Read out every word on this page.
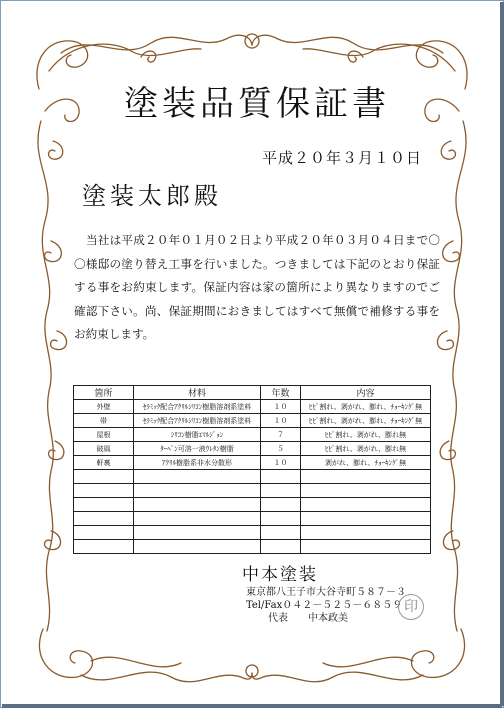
塗装品質保証書
平成２０年３月１０日
塗装太郎殿
当社は平成２０年０１月０２日より平成２０年０３月０４日まで〇〇様邸の塗り替え工事を行いました。つきましては下記のとおり保証する事をお約束します。保証内容は家の箇所により異なりますのでご確認下さい。尚、保証期間におきましてはすべて無償で補修する事をお約束します。
箇所	材料	年数	内容
外壁	ｾﾗﾐｯｸ配合ｱｸﾘﾙｼﾘｺﾝ樹脂溶剤系塗料	１０	ﾋﾋﾞ割れ、剥がれ、膨れ、ﾁｮｰｷﾝｸﾞ無
帯	ｾﾗﾐｯｸ配合ｱｸﾘﾙｼﾘｺﾝ樹脂溶剤系塗料	１０	ﾋﾋﾞ割れ、剥がれ、膨れ、ﾁｮｰｷﾝｸﾞ無
屋根	ｼﾘｺﾝ樹脂ｴﾏﾙｼﾞｮﾝ	７	ﾋﾋﾞ割れ、剥がれ、膨れ無
破風	ﾀｰﾍﾟﾝ可溶一液ｳﾚﾀﾝ樹脂	５	ﾋﾋﾞ割れ、剥がれ、膨れ無
軒裏	ｱｸﾘﾙ樹脂系非水分散形	１０	剥がれ、膨れ、ﾁｮｰｷﾝｸﾞ無

中本塗装
東京都八王子市大谷寺町５８７－３
Tel/Fax０４２－５２５－６８５９
代表　　中本政美
印
